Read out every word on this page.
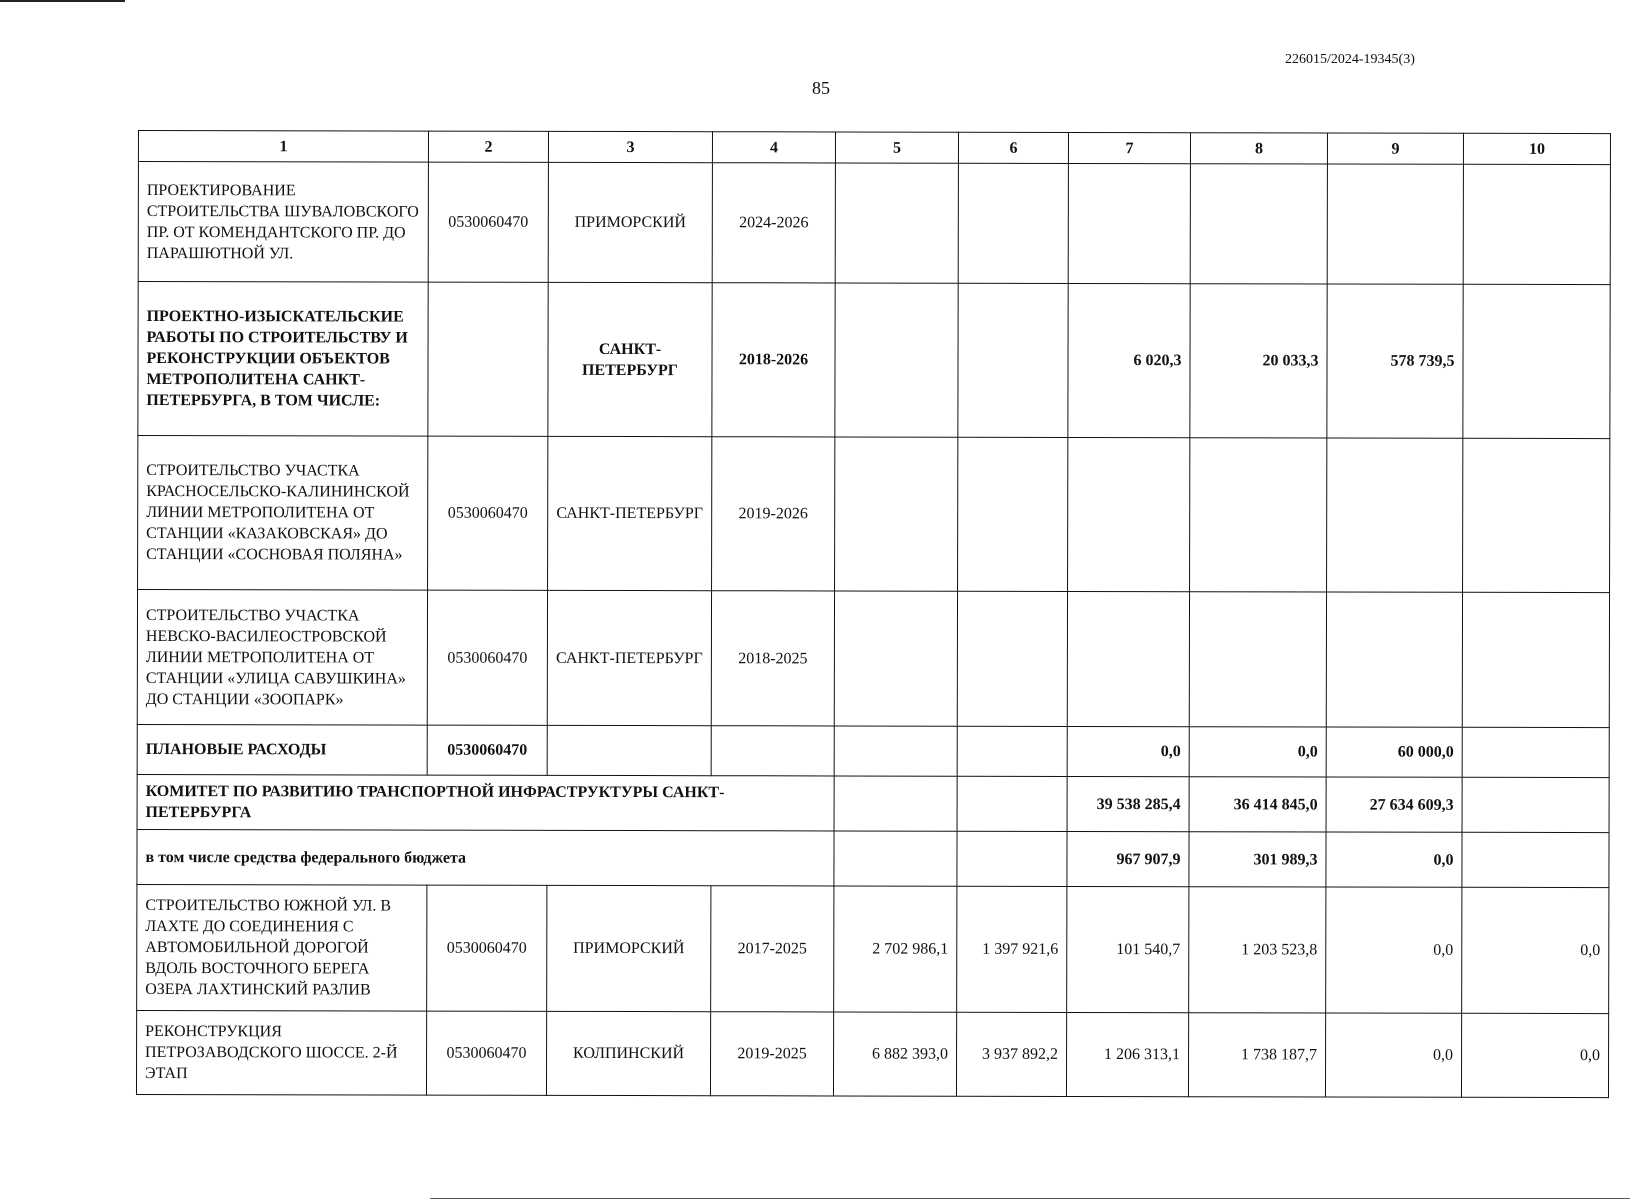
226015/2024-19345(3)
85
1	2	3	4	5	6	7	8	9	10
ПРОЕКТИРОВАНИЕ СТРОИТЕЛЬСТВА ШУВАЛОВСКОГО ПР. ОТ КОМЕНДАНТСКОГО ПР. ДО ПАРАШЮТНОЙ УЛ.	0530060470	ПРИМОРСКИЙ	2024-2026						
ПРОЕКТНО-ИЗЫСКАТЕЛЬСКИЕ РАБОТЫ ПО СТРОИТЕЛЬСТВУ И РЕКОНСТРУКЦИИ ОБЪЕКТОВ МЕТРОПОЛИТЕНА САНКТ-ПЕТЕРБУРГА, В ТОМ ЧИСЛЕ:		САНКТ-ПЕТЕРБУРГ	2018-2026			6 020,3	20 033,3	578 739,5	
СТРОИТЕЛЬСТВО УЧАСТКА КРАСНОСЕЛЬСКО-КАЛИНИНСКОЙ ЛИНИИ МЕТРОПОЛИТЕНА ОТ СТАНЦИИ «КАЗАКОВСКАЯ» ДО СТАНЦИИ «СОСНОВАЯ ПОЛЯНА»	0530060470	САНКТ-ПЕТЕРБУРГ	2019-2026						
СТРОИТЕЛЬСТВО УЧАСТКА НЕВСКО-ВАСИЛЕОСТРОВСКОЙ ЛИНИИ МЕТРОПОЛИТЕНА ОТ СТАНЦИИ «УЛИЦА САВУШКИНА» ДО СТАНЦИИ «ЗООПАРК»	0530060470	САНКТ-ПЕТЕРБУРГ	2018-2025						
ПЛАНОВЫЕ РАСХОДЫ	0530060470					0,0	0,0	60 000,0	
КОМИТЕТ ПО РАЗВИТИЮ ТРАНСПОРТНОЙ ИНФРАСТРУКТУРЫ САНКТ-ПЕТЕРБУРГА						39 538 285,4	36 414 845,0	27 634 609,3	
в том числе средства федерального бюджета						967 907,9	301 989,3	0,0	
СТРОИТЕЛЬСТВО ЮЖНОЙ УЛ. В ЛАХТЕ ДО СОЕДИНЕНИЯ С АВТОМОБИЛЬНОЙ ДОРОГОЙ ВДОЛЬ ВОСТОЧНОГО БЕРЕГА ОЗЕРА ЛАХТИНСКИЙ РАЗЛИВ	0530060470	ПРИМОРСКИЙ	2017-2025	2 702 986,1	1 397 921,6	101 540,7	1 203 523,8	0,0	0,0
РЕКОНСТРУКЦИЯ ПЕТРОЗАВОДСКОГО ШОССЕ. 2-Й ЭТАП	0530060470	КОЛПИНСКИЙ	2019-2025	6 882 393,0	3 937 892,2	1 206 313,1	1 738 187,7	0,0	0,0
